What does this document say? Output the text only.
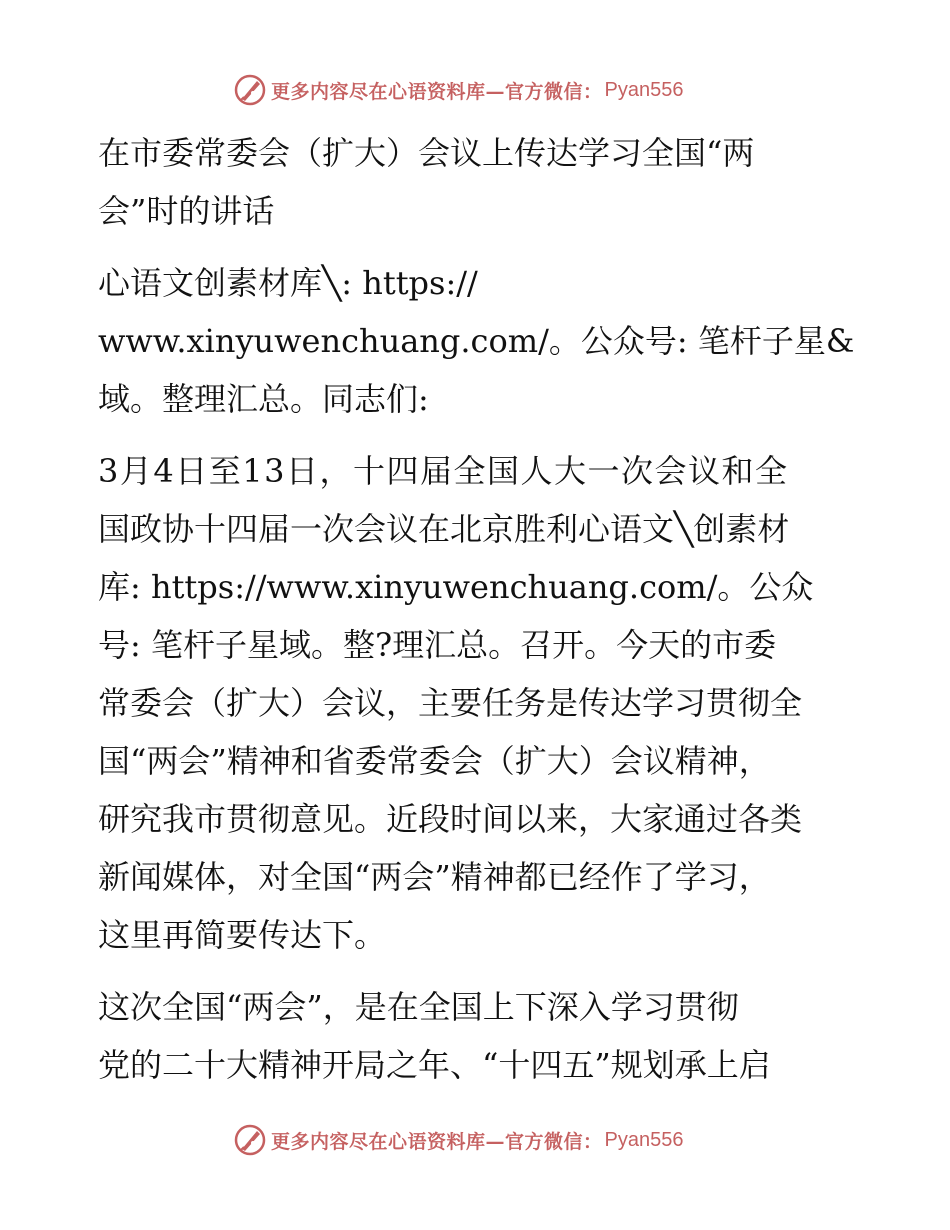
更多内容尽在心语资料库—官方微信： Pyan556

在市委常委会（扩大）会议上传达学习全国“两
会”时的讲话

心语文创素材库╲: https://
www.xinyuwenchuang.com/。公众号: 笔杆子星&
域。整理汇总。同志们:

3月4日至13日，十四届全国人大一次会议和全
国政协十四届一次会议在北京胜利心语文╲创素材
库: https://www.xinyuwenchuang.com/。公众
号: 笔杆子星域。整?理汇总。召开。今天的市委
常委会（扩大）会议，主要任务是传达学习贯彻全
国“两会”精神和省委常委会（扩大）会议精神，
研究我市贯彻意见。近段时间以来，大家通过各类
新闻媒体，对全国“两会”精神都已经作了学习，
这里再简要传达下。

这次全国“两会”，是在全国上下深入学习贯彻
党的二十大精神开局之年、“十四五”规划承上启

更多内容尽在心语资料库—官方微信： Pyan556
